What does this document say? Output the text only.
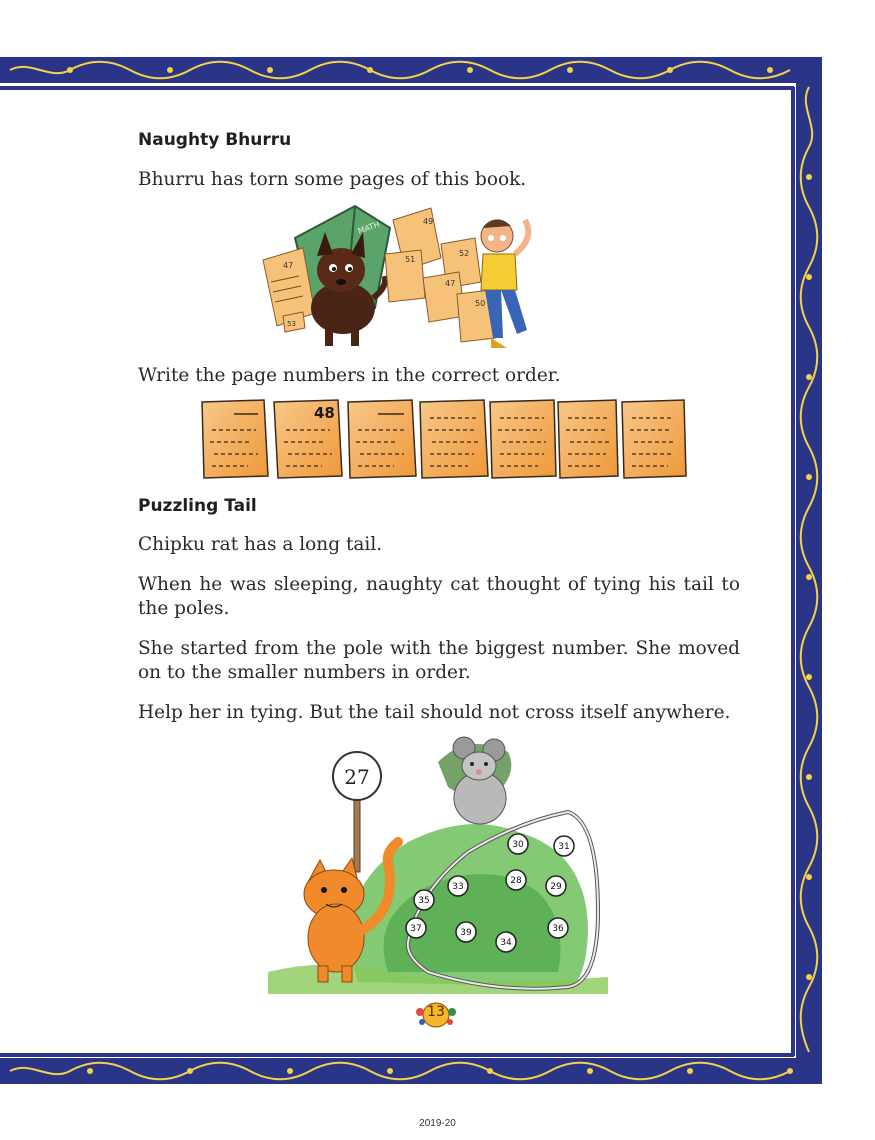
Naughty Bhurru
Bhurru has torn some pages of this book.
MATH
47
49
51
52
47
50
53
Write the page numbers in the correct order.
48
Puzzling Tail
Chipku rat has a long tail.
When he was sleeping, naughty cat thought of tying his tail to the poles.
She started from the pole with the biggest number. She moved on to the smaller numbers in order.
Help her in tying. But the tail should not cross itself anywhere.
27
30	31
33
28
29
35
37	39
34
36
13
2019-20
